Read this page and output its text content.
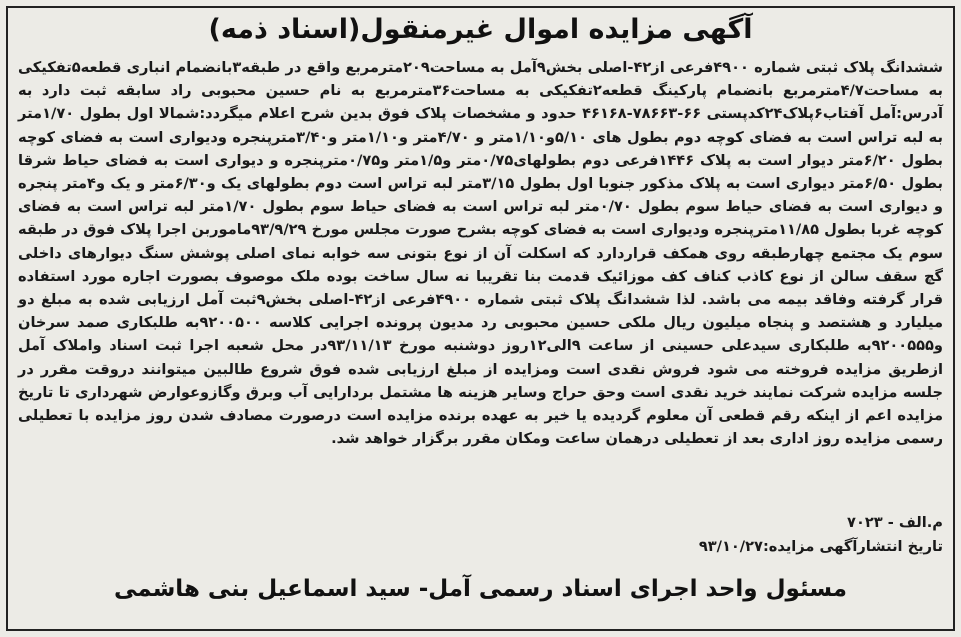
آگهی مزایده اموال غیرمنقول(اسناد ذمه)

ششدانگ پلاک ثبتی شماره ۴۹۰۰فرعی از۴۲-اصلی بخش۹آمل به مساحت۲۰۹مترمربع واقع در طبقه۳بانضمام انباری قطعه۵تفکیکی به مساحت۴/۷مترمربع بانضمام پارکینگ قطعه۲تفکیکی به مساحت۳۶مترمربع به نام حسین محبوبی راد سابقه ثبت دارد به آدرس:آمل آفتاب۶پلاک۲۴کدپستی ۶۶-۷۸۶۶۳-۴۶۱۶۸ حدود و مشخصات پلاک فوق بدین شرح اعلام میگردد:شمالا اول بطول ۱/۷۰متر به لبه تراس است به فضای کوچه دوم بطول های ۵/۱۰و۱/۱۰متر و ۴/۷۰متر و۱/۱۰متر و۳/۴۰مترپنجره ودیواری است به فضای کوچه بطول ۶/۲۰متر دیوار است به پلاک ۱۴۴۶فرعی دوم بطولهای۰/۷۵متر و۱/۵متر و۰/۷۵مترپنجره و دیواری است به فضای حیاط شرقا بطول ۶/۵۰متر دیواری است به پلاک مذکور جنوبا اول بطول ۳/۱۵متر لبه تراس است دوم بطولهای یک و۶/۳۰متر و یک و۴متر پنجره و دیواری است به فضای حیاط سوم بطول ۰/۷۰متر لبه تراس است به فضای حیاط سوم بطول ۱/۷۰متر لبه تراس است به فضای کوچه غربا بطول ۱۱/۸۵مترپنجره ودیواری است به فضای کوچه بشرح صورت مجلس مورخ ۹۳/۹/۲۹ماموربن اجرا پلاک فوق در طبقه سوم یک مجتمع چهارطبقه روی همکف قراردارد که اسکلت آن از نوع بتونی سه خوابه نمای اصلی پوشش سنگ دیوارهای داخلی گچ سقف سالن از نوع کاذب کناف کف موزائیک قدمت بنا تقریبا نه سال ساخت بوده ملک موصوف بصورت اجاره مورد استفاده قرار گرفته وفاقد بیمه می باشد. لذا ششدانگ پلاک ثبتی شماره ۴۹۰۰فرعی از۴۲-اصلی بخش۹ثبت آمل ارزیابی شده به مبلغ دو میلیارد و هشتصد و پنجاه میلیون ریال ملکی حسین محبوبی رد مدیون پرونده اجرایی کلاسه ۹۲۰۰۵۰۰به طلبکاری صمد سرخان و۹۲۰۰۵۵۵به طلبکاری سیدعلی حسینی از ساعت ۹الی۱۲روز دوشنبه مورخ ۹۳/۱۱/۱۳در محل شعبه اجرا ثبت اسناد واملاک آمل ازطریق مزایده فروخته می شود فروش نقدی است ومزایده از مبلغ ارزیابی شده فوق شروع طالبین میتوانند دروقت مقرر در جلسه مزایده شرکت نمایند خرید نقدی است وحق حراج وسایر هزینه ها مشتمل بردارایی آب وبرق وگازوعوارض شهرداری تا تاریخ مزایده اعم از اینکه رقم قطعی آن معلوم گردیده یا خیر به عهده برنده مزایده است درصورت مصادف شدن روز مزایده با تعطیلی رسمی مزایده روز اداری بعد از تعطیلی درهمان ساعت ومکان مقرر برگزار خواهد شد.

م.الف - ۷۰۲۳
تاریخ انتشارآگهی مزایده:۹۳/۱۰/۲۷
مسئول واحد اجرای اسناد رسمی آمل- سید اسماعیل بنی هاشمی
